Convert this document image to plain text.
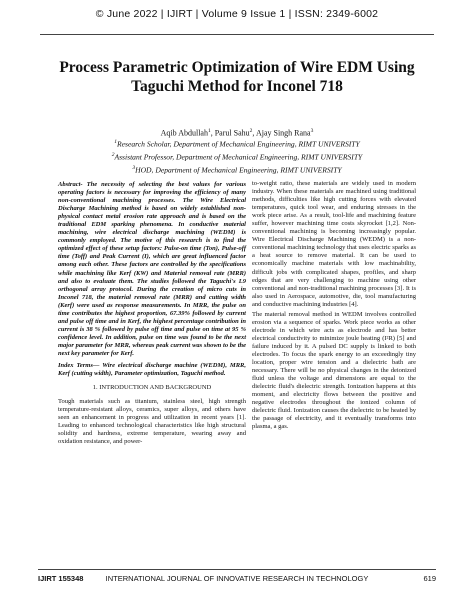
© June 2022 | IJIRT | Volume 9 Issue 1 | ISSN: 2349-6002
Process Parametric Optimization of Wire EDM Using
Taguchi Method for Inconel 718
Aqib Abdullah$^1$, Parul Sahu$^2$, Ajay Singh Rana$^3$
$^1$Research Scholar, Department of Mechanical Engineering, RIMT UNIVERSITY
$^2$Assistant Professor, Department of Mechanical Engineering, RIMT UNIVERSITY
$^3$HOD, Department of Mechanical Engineering, RIMT UNIVERSITY

Abstract- The necessity of selecting the best values for various operating factors is necessary for improving the efficiency of many non-conventional machining processes. The Wire Electrical Discharge Machining method is based on widely established non- physical contact metal erosion rate approach and is based on the traditional EDM sparking phenomena. In conductive material machining, wire electrical discharge machining (WEDM) is commonly employed. The motive of this research is to find the optimized effect of these setup factors: Pulse-on time (Ton), Pulse-off time (Toff) and Peak Current (I), which are great influenced factor among each other. These factors are controlled by the specifications while machining like Kerf (KW) and Material removal rate (MRR) and also to evaluate them. The studies followed the Taguchi's L9 orthogonal array protocol. During the creation of micro cuts in Inconel 718, the material removal rate (MRR) and cutting width (Kerf) were used as response measurements. In MRR, the pulse on time contributes the highest proportion, 67.39% followed by current and pulse off time and in Kerf, the highest percentage contribution in current is 38 % followed by pulse off time and pulse on time at 95 % confidence level. In addition, pulse on time was found to be the next major parameter for MRR, whereas peak current was shown to be the next key parameter for Kerf.

Index Terms— Wire electrical discharge machine (WEDM), MRR, Kerf (cutting width), Parameter optimization, Taguchi method.

1. INTRODUCTION AND BACKGROUND

Tough materials such as titanium, stainless steel, high strength temperature-resistant alloys, ceramics, super alloys, and others have seen an enhancement in progress and utilization in recent years [1]. Leading to enhanced technological characteristics like high structural solidity and hardness, extreme temperature, wearing away and oxidation resistance, and power-

to-weight ratio, these materials are widely used in modern industry. When these materials are machined using traditional methods, difficulties like high cutting forces with elevated temperatures, quick tool wear, and enduring stresses in the work piece arise. As a result, tool-life and machining feature suffer, however machining time costs skyrocket [1,2]. Non-conventional machining is becoming increasingly popular. Wire Electrical Discharge Machining (WEDM) is a non-conventional machining technology that uses electric sparks as a heat source to remove material. It can be used to economically machine materials with low machinability, difficult jobs with complicated shapes, profiles, and sharp edges that are very challenging to machine using other conventional and non-traditional machining processes [3]. It is also used in Aerospace, automotive, die, tool manufacturing and conductive machining industries [4].

The material removal method in WEDM involves controlled erosion via a sequence of sparks. Work piece works as other electrode in which wire acts as electrode and has better electrical conductivity to minimize joule heating (I²R) [5] and failure induced by it. A pulsed DC supply is linked to both electrodes. To focus the spark energy to an exceedingly tiny location, proper wire tension and a dielectric bath are necessary. There will be no physical changes in the deionized fluid unless the voltage and dimensions are equal to the dielectric fluid's dielectric strength. Ionization happens at this moment, and electricity flows between the positive and negative electrodes throughout the ionized column of dielectric fluid. Ionization causes the dielectric to be heated by the passage of electricity, and it eventually transforms into plasma, a gas.

IJIRT 155348	INTERNATIONAL JOURNAL OF INNOVATIVE RESEARCH IN TECHNOLOGY	619
